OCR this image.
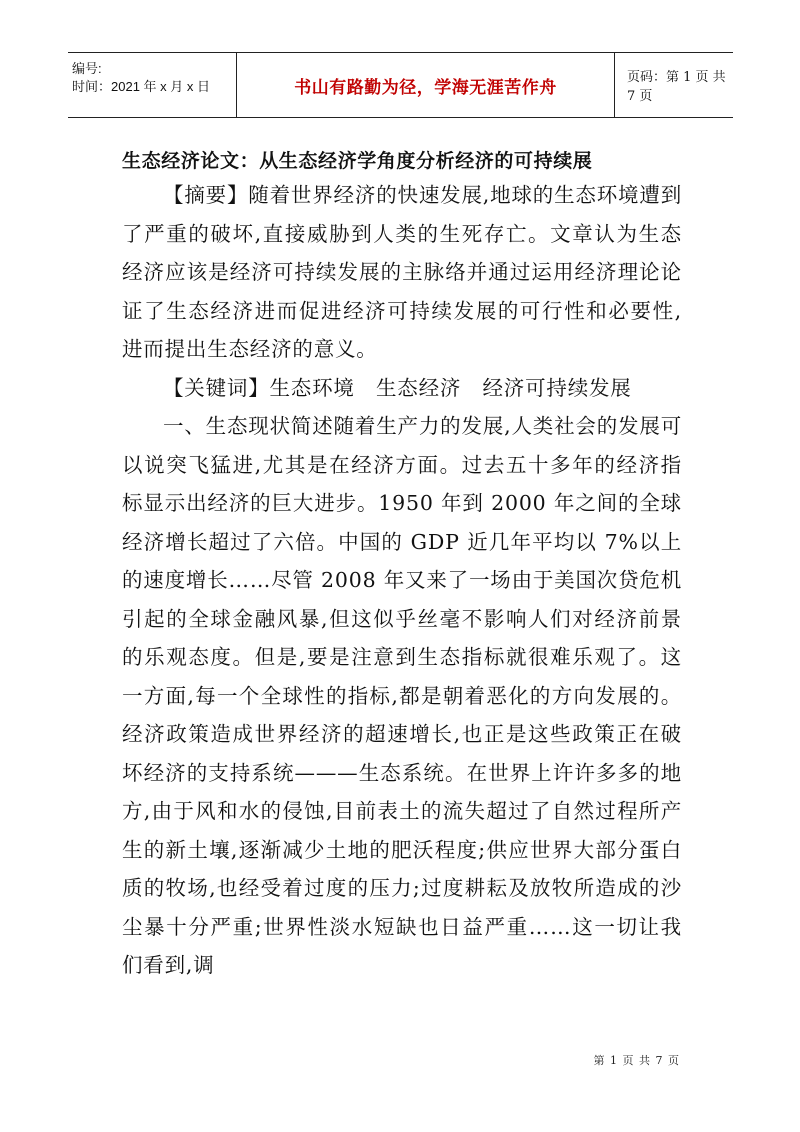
编号:
时间：2021 年 x 月 x 日	书山有路勤为径，学海无涯苦作舟	页码：第 1 页 共 7 页
生态经济论文：从生态经济学角度分析经济的可持续展

【摘要】随着世界经济的快速发展,地球的生态环境遭到了严重的破坏,直接威胁到人类的生死存亡。文章认为生态经济应该是经济可持续发展的主脉络并通过运用经济理论论证了生态经济进而促进经济可持续发展的可行性和必要性,进而提出生态经济的意义。

【关键词】生态环境　生态经济　经济可持续发展

一、生态现状简述随着生产力的发展,人类社会的发展可以说突飞猛进,尤其是在经济方面。过去五十多年的经济指标显示出经济的巨大进步。1950 年到 2000 年之间的全球经济增长超过了六倍。中国的 GDP 近几年平均以 7%以上的速度增长……尽管 2008 年又来了一场由于美国次贷危机引起的全球金融风暴,但这似乎丝毫不影响人们对经济前景的乐观态度。但是,要是注意到生态指标就很难乐观了。这一方面,每一个全球性的指标,都是朝着恶化的方向发展的。经济政策造成世界经济的超速增长,也正是这些政策正在破坏经济的支持系统———生态系统。在世界上许许多多的地方,由于风和水的侵蚀,目前表土的流失超过了自然过程所产生的新土壤,逐渐减少土地的肥沃程度;供应世界大部分蛋白质的牧场,也经受着过度的压力;过度耕耘及放牧所造成的沙尘暴十分严重;世界性淡水短缺也日益严重……这一切让我们看到,调

第 1 页 共 7 页
